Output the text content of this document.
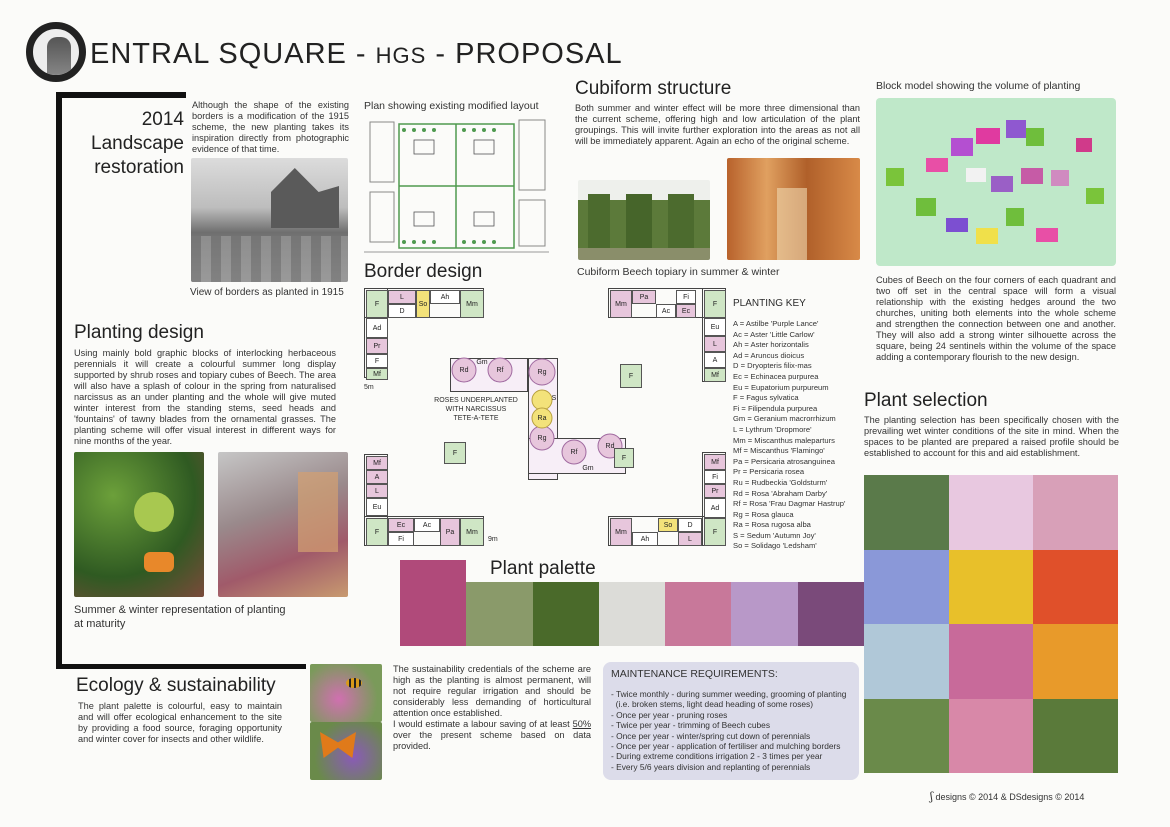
ENTRAL SQUARE - HGS - PROPOSAL
2014
Landscape
restoration
Although the shape of the existing borders is a modification of the 1915 scheme, the new planting takes its inspiration directly from photographic evidence of that time.
View of borders as planted in 1915
Plan showing existing modified layout
Cubiform structure
Both summer and winter effect will be more three dimensional than the current scheme, offering high and low articulation of the plant groupings. This will invite further exploration into the areas as not all will be immediately apparent. Again an echo of the original scheme.
Cubiform Beech topiary in summer & winter
Block model showing the volume of planting
Cubes of Beech on the four corners of each quadrant and two off set in the central space will form a visual relationship with the existing hedges around the two churches, uniting both elements into the whole scheme and strengthen the connection between one and another. They will also add a strong winter silhouette across the square, being 24 sentinels within the volume of the space adding a contemporary flourish to the new design.
Border design
F
L
D
So
Ah
Mm
Ad
Pr
F
Mf
5m
Mm
Pa
Ac
Fi
Ec
F
Eu
L
A
Mf
F
F
Rd
Gm
Rf	Rg
S
Ra
Rg
Rf
Rd
Gm
ROSES UNDERPLANTED
WITH NARCISSUS
TETE-A-TETE
Mf
A
L
Eu
F
Ec
Fi
Ac
Pa	Mm
9m
Mf
Fi
Pr
Ad
F
Mm
Ah
So	D
L
F
PLANTING KEY
A = Astilbe 'Purple Lance'
Ac = Aster 'Little Carlow'
Ah = Aster horizontalis
Ad = Aruncus dioicus
D = Dryopteris filix-mas
Ec = Echinacea purpurea
Eu = Eupatorium purpureum
F = Fagus sylvatica
Fi = Filipendula purpurea
Gm = Geranium macrorrhizum
L = Lythrum 'Dropmore'
Mm = Miscanthus maleparturs
Mf = Miscanthus 'Flamingo'
Pa = Persicaria atrosanguinea
Pr = Persicaria rosea
Ru = Rudbeckia 'Goldsturm'
Rd = Rosa 'Abraham Darby'
Rf = Rosa 'Frau Dagmar Hastrup'
Rg = Rosa glauca
Ra = Rosa rugosa alba
S = Sedum 'Autumn Joy'
So = Solidago 'Ledsham'
Planting design
Using mainly bold graphic blocks of interlocking herbaceous perennials it will create a colourful summer long display supported by shrub roses and topiary cubes of Beech. The area will also have a splash of colour in the spring from naturalised narcissus as an under planting and the whole will give muted winter interest from the standing stems, seed heads and 'fountains' of tawny blades from the ornamental grasses. The planting scheme will offer visual interest in different ways for nine months of the year.
Summer & winter representation of planting
at maturity
Plant palette
Plant selection
The planting selection has been specifically chosen with the prevailing wet winter conditions of the site in mind. When the spaces to be planted are prepared a raised profile should be established to account for this and aid establishment.
Ecology & sustainability
The plant palette is colourful, easy to maintain and will offer ecological enhancement to the site by providing a food source, foraging opportunity and winter cover for insects and other wildlife.
The sustainability credentials of the scheme are high as the planting is almost permanent, will not require regular irrigation and should be considerably less demanding of horticultural attention once established.
I would estimate a labour saving of at least 50% over the present scheme based on data provided.
MAINTENANCE REQUIREMENTS:
- Twice monthly - during summer weeding, grooming of planting
(i.e. broken stems, light dead heading of some roses)
- Once per year - pruning roses
- Twice per year - trimming of Beech cubes
- Once per year - winter/spring cut down of perennials
- Once per year - application of fertiliser and mulching borders
- During extreme conditions irrigation 2 - 3 times per year
- Every 5/6 years division and replanting of perennials
ʃ designs © 2014 & DSdesigns © 2014
